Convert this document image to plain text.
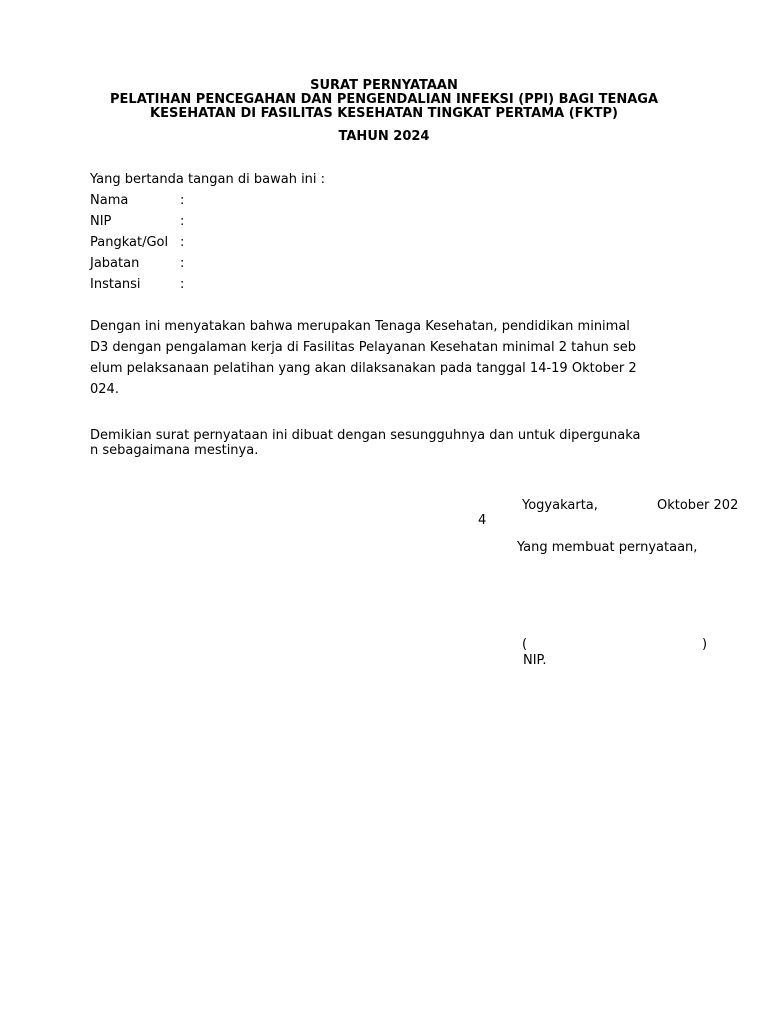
SURAT PERNYATAAN
PELATIHAN PENCEGAHAN DAN PENGENDALIAN INFEKSI (PPI) BAGI TENAGA
KESEHATAN DI FASILITAS KESEHATAN TINGKAT PERTAMA (FKTP)
TAHUN 2024
Yang bertanda tangan di bawah ini :
Nama	:
NIP	:
Pangkat/Gol :
Jabatan	:
Instansi	:
Dengan ini menyatakan bahwa merupakan Tenaga Kesehatan, pendidikan minimal
D3 dengan pengalaman kerja di Fasilitas Pelayanan Kesehatan minimal 2 tahun seb
elum pelaksanaan pelatihan yang akan dilaksanakan pada tanggal 14-19 Oktober 2
024.
Demikian surat pernyataan ini dibuat dengan sesungguhnya dan untuk dipergunaka
n sebagaimana mestinya.
Yogyakarta,	Oktober 202
4
Yang membuat pernyataan,
(	)
NIP.
